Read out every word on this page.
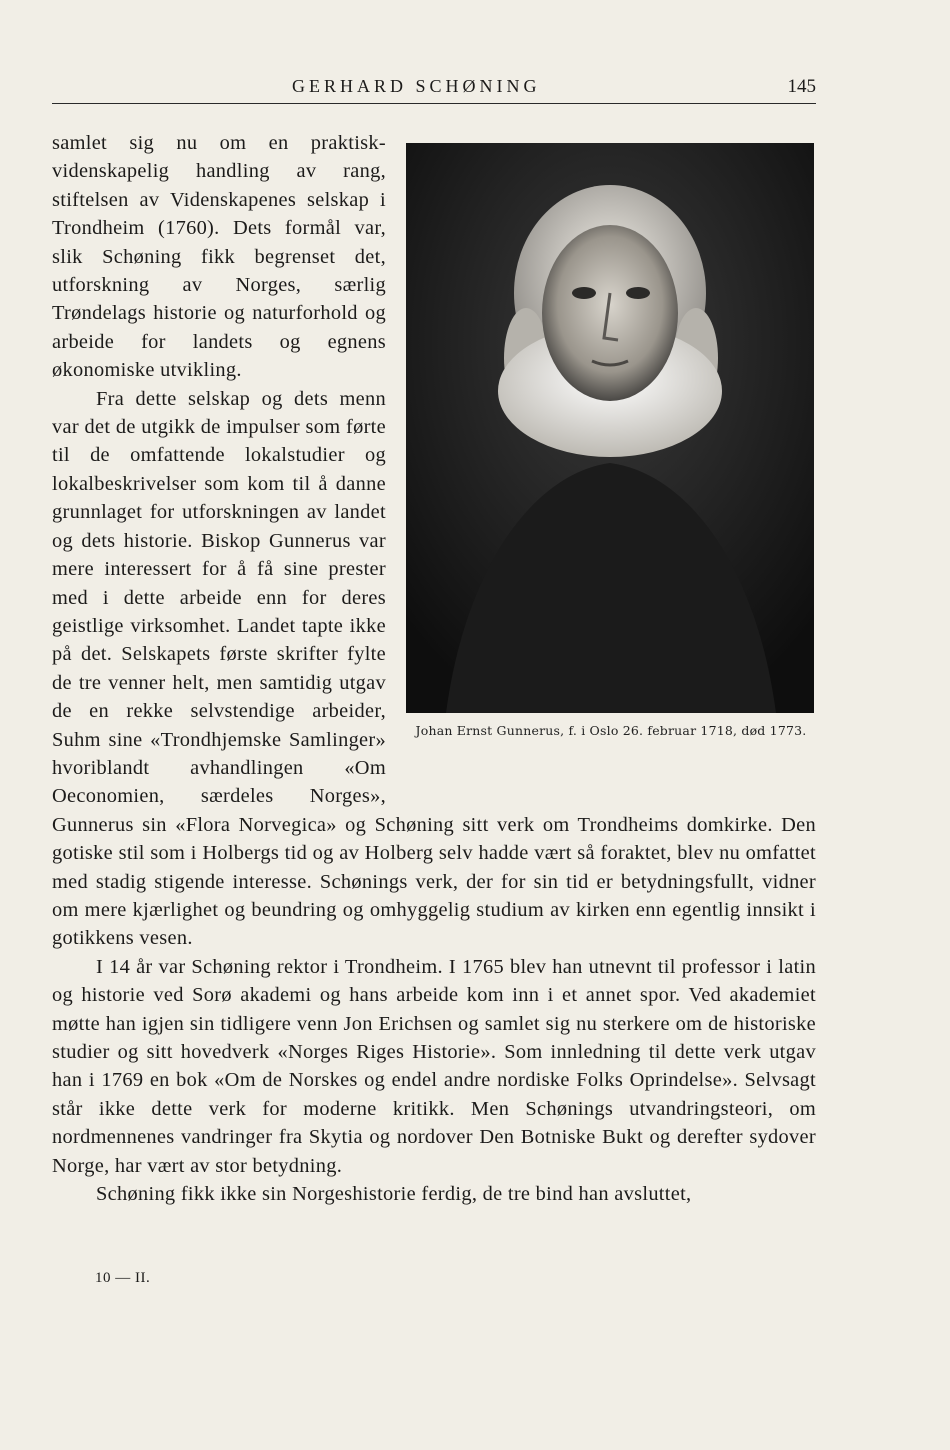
GERHARD SCHØNING	145
Johan Ernst Gunnerus, f. i Oslo 26. februar 1718, død 1773.

samlet sig nu om en praktisk-videnskapelig handling av rang, stiftelsen av Videnskapenes selskap i Trondheim (1760). Dets formål var, slik Schøning fikk begrenset det, utforskning av Norges, særlig Trøndelags historie og naturforhold og arbeide for landets og egnens økonomiske utvikling.

Fra dette selskap og dets menn var det de utgikk de impulser som førte til de omfattende lokalstudier og lokalbeskrivelser som kom til å danne grunnlaget for utforskningen av landet og dets historie. Biskop Gunnerus var mere interessert for å få sine prester med i dette arbeide enn for deres geistlige virksomhet. Landet tapte ikke på det. Selskapets første skrifter fylte de tre venner helt, men samtidig utgav de en rekke selvstendige arbeider, Suhm sine «Trondhjemske Samlinger» hvoriblandt avhandlingen «Om Oeconomien, særdeles Norges», Gunnerus sin «Flora Norvegica» og Schøning sitt verk om Trondheims domkirke. Den gotiske stil som i Holbergs tid og av Holberg selv hadde vært så foraktet, blev nu omfattet med stadig stigende interesse. Schønings verk, der for sin tid er betydningsfullt, vidner om mere kjærlighet og beundring og omhyggelig studium av kirken enn egentlig innsikt i gotikkens vesen.

I 14 år var Schøning rektor i Trondheim. I 1765 blev han utnevnt til professor i latin og historie ved Sorø akademi og hans arbeide kom inn i et annet spor. Ved akademiet møtte han igjen sin tidligere venn Jon Erichsen og samlet sig nu sterkere om de historiske studier og sitt hovedverk «Norges Riges Historie». Som innledning til dette verk utgav han i 1769 en bok «Om de Norskes og endel andre nordiske Folks Oprindelse». Selvsagt står ikke dette verk for moderne kritikk. Men Schønings utvandringsteori, om nordmennenes vandringer fra Skytia og nordover Den Botniske Bukt og derefter sydover Norge, har vært av stor betydning.

Schøning fikk ikke sin Norgeshistorie ferdig, de tre bind han avsluttet,

10 — II.
